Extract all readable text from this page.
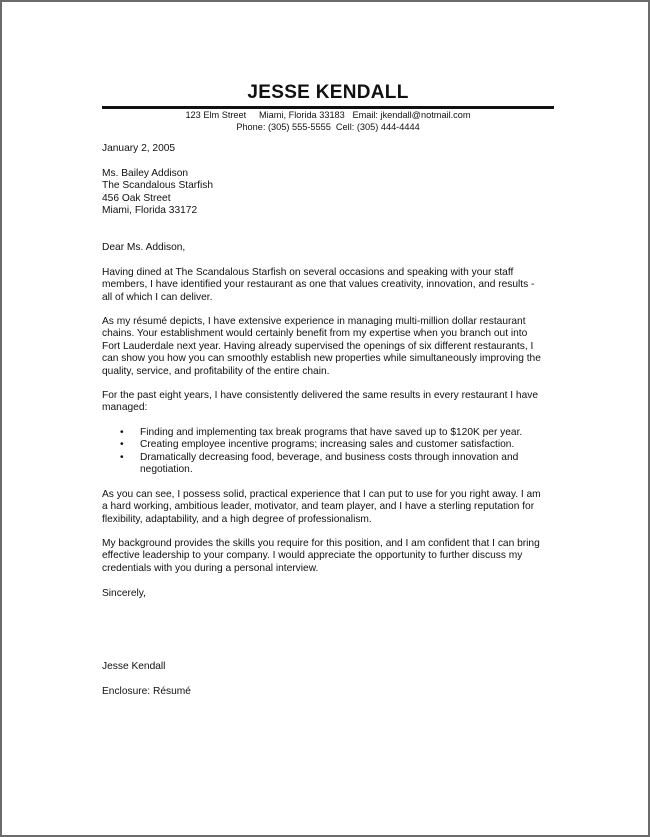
JESSE KENDALL
123 Elm Street Miami, Florida 33183 Email: jkendall@notmail.com
Phone: (305) 555-5555 Cell: (305) 444-4444
January 2, 2005
Ms. Bailey Addison
The Scandalous Starfish
456 Oak Street
Miami, Florida 33172
Dear Ms. Addison,
Having dined at The Scandalous Starfish on several occasions and speaking with your staff
members, I have identified your restaurant as one that values creativity, innovation, and results -
all of which I can deliver.
As my résumé depicts, I have extensive experience in managing multi-million dollar restaurant
chains. Your establishment would certainly benefit from my expertise when you branch out into
Fort Lauderdale next year. Having already supervised the openings of six different restaurants, I
can show you how you can smoothly establish new properties while simultaneously improving the
quality, service, and profitability of the entire chain.
For the past eight years, I have consistently delivered the same results in every restaurant I have
managed:
• Finding and implementing tax break programs that have saved up to $120K per year.
• Creating employee incentive programs; increasing sales and customer satisfaction.
• Dramatically decreasing food, beverage, and business costs through innovation and
negotiation.
As you can see, I possess solid, practical experience that I can put to use for you right away. I am
a hard working, ambitious leader, motivator, and team player, and I have a sterling reputation for
flexibility, adaptability, and a high degree of professionalism.
My background provides the skills you require for this position, and I am confident that I can bring
effective leadership to your company. I would appreciate the opportunity to further discuss my
credentials with you during a personal interview.
Sincerely,
Jesse Kendall
Enclosure: Résumé
